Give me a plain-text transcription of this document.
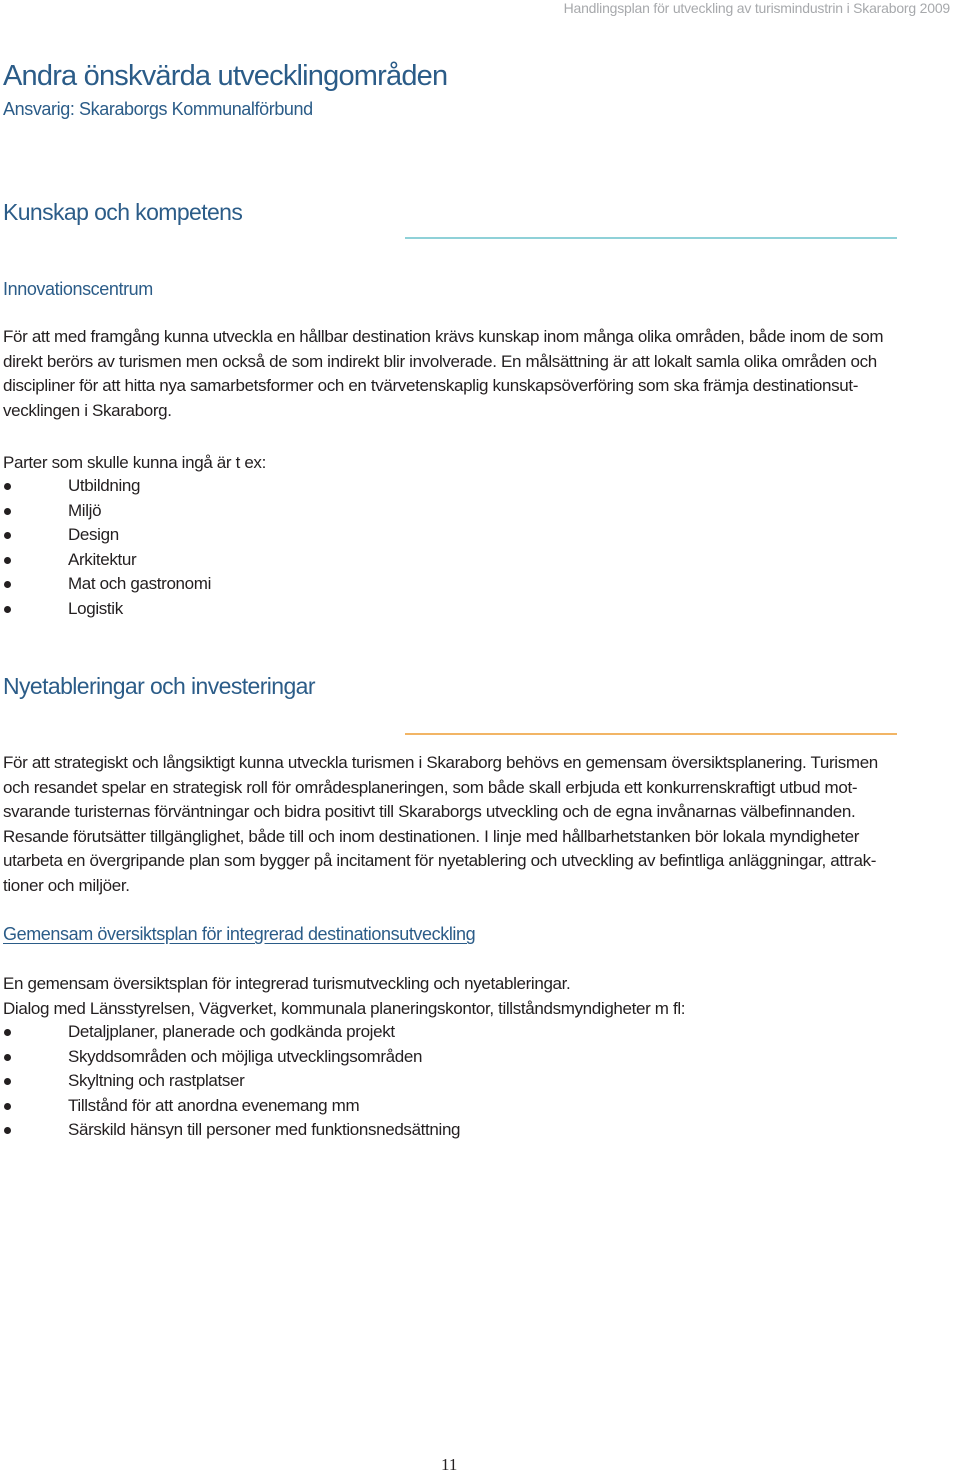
Handlingsplan för utveckling av turismindustrin i Skaraborg 2009
Andra önskvärda utvecklingområden
Ansvarig: Skaraborgs Kommunalförbund
Kunskap och kompetens
Innovationscentrum
För att med framgång kunna utveckla en hållbar destination krävs kunskap inom många olika områden, både inom de som
direkt berörs av turismen men också de som indirekt blir involverade. En målsättning är att lokalt samla olika områden och
discipliner för att hitta nya samarbetsformer och en tvärvetenskaplig kunskapsöverföring som ska främja destinationsut-
vecklingen i Skaraborg.
Parter som skulle kunna ingå är t ex:
Utbildning
Miljö
Design
Arkitektur
Mat och gastronomi
Logistik
Nyetableringar och investeringar
För att strategiskt och långsiktigt kunna utveckla turismen i Skaraborg behövs en gemensam översiktsplanering. Turismen
och resandet spelar en strategisk roll för områdesplaneringen, som både skall erbjuda ett konkurrenskraftigt utbud mot-
svarande turisternas förväntningar och bidra positivt till Skaraborgs utveckling och de egna invånarnas välbefinnanden.
Resande förutsätter tillgänglighet, både till och inom destinationen. I linje med hållbarhetstanken bör lokala myndigheter
utarbeta en övergripande plan som bygger på incitament för nyetablering och utveckling av befintliga anläggningar, attrak-
tioner och miljöer.
Gemensam översiktsplan för integrerad destinationsutveckling
En gemensam översiktsplan för integrerad turismutveckling och nyetableringar.
Dialog med Länsstyrelsen, Vägverket, kommunala planeringskontor, tillståndsmyndigheter m fl:
Detaljplaner, planerade och godkända projekt
Skyddsområden och möjliga utvecklingsområden
Skyltning och rastplatser
Tillstånd för att anordna evenemang mm
Särskild hänsyn till personer med funktionsnedsättning
11
